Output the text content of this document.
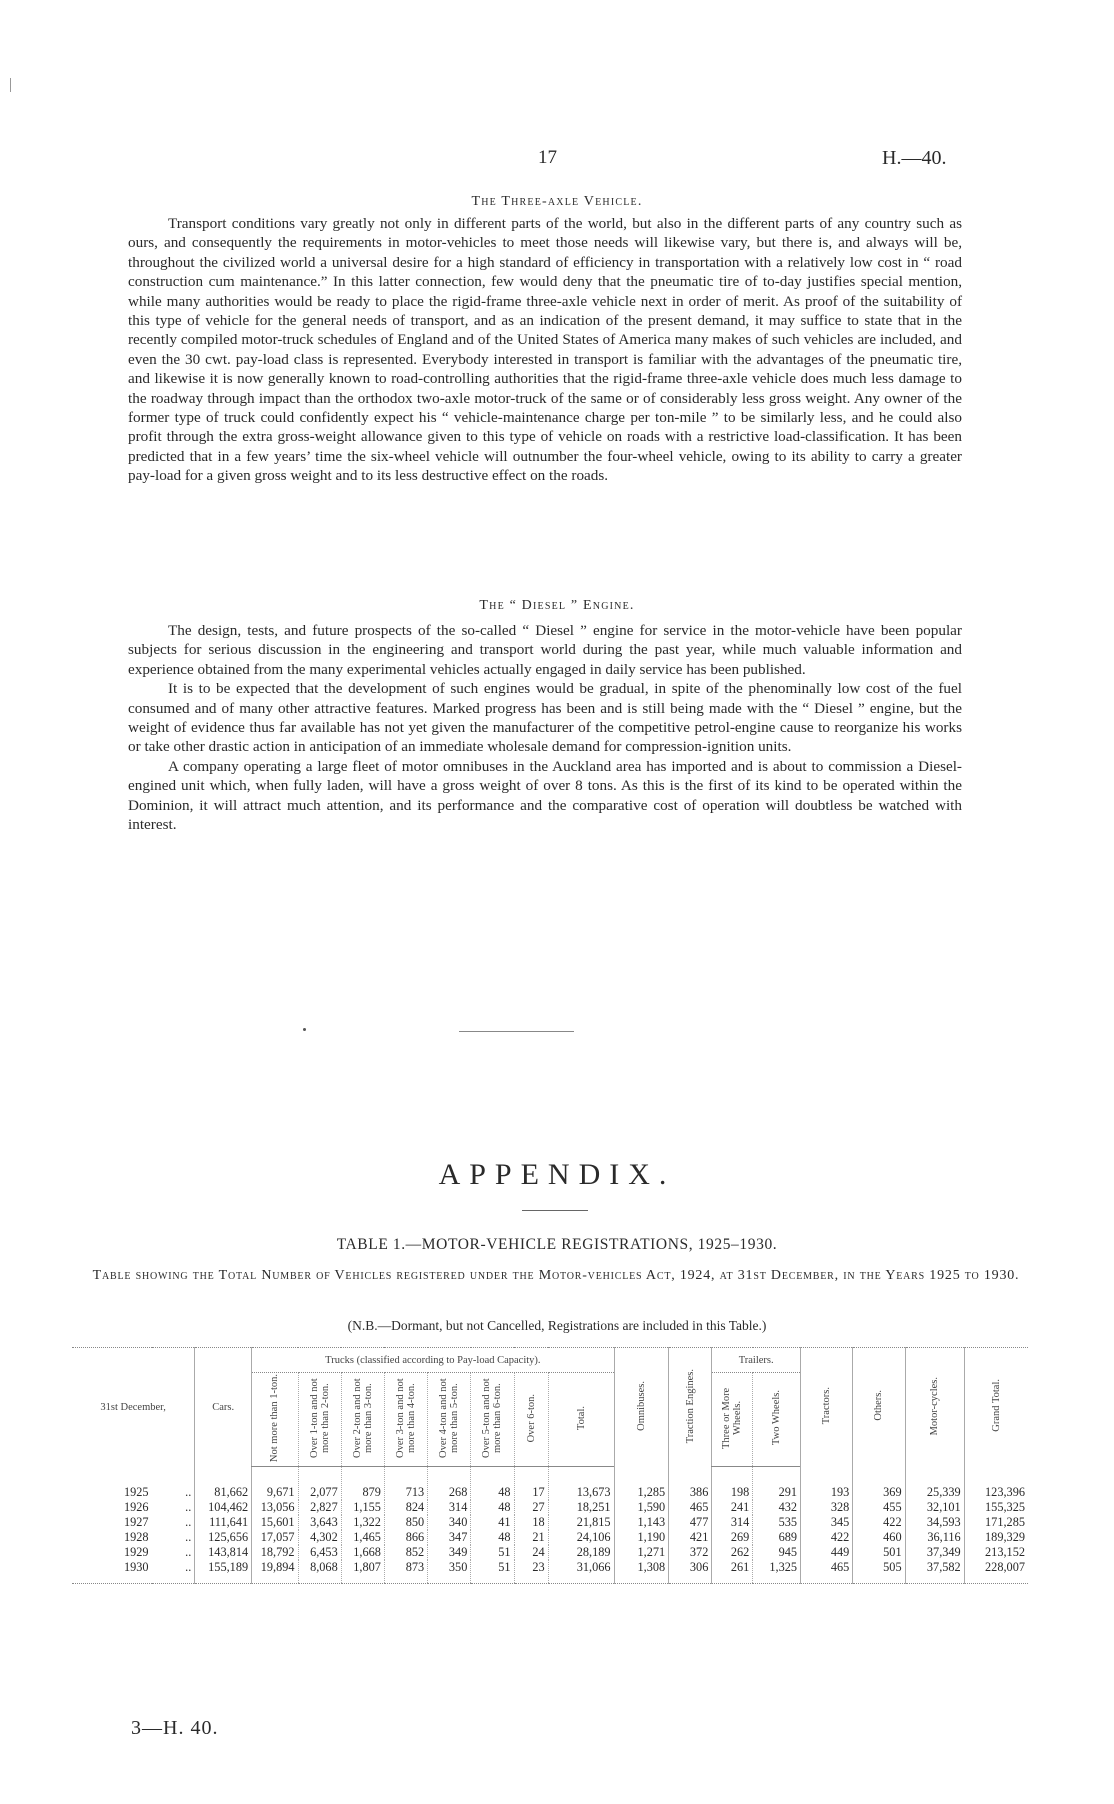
17	H.—40.
The Three-axle Vehicle.

Transport conditions vary greatly not only in different parts of the world, but also in the different parts of any country such as ours, and consequently the requirements in motor-vehicles to meet those needs will likewise vary, but there is, and always will be, throughout the civilized world a universal desire for a high standard of efficiency in transportation with a relatively low cost in “ road construction cum maintenance.” In this latter connection, few would deny that the pneumatic tire of to-day justifies special mention, while many authorities would be ready to place the rigid-frame three-axle vehicle next in order of merit. As proof of the suitability of this type of vehicle for the general needs of transport, and as an indication of the present demand, it may suffice to state that in the recently compiled motor-truck schedules of England and of the United States of America many makes of such vehicles are included, and even the 30 cwt. pay-load class is represented. Everybody interested in transport is familiar with the advantages of the pneumatic tire, and likewise it is now generally known to road-controlling authorities that the rigid-frame three-axle vehicle does much less damage to the roadway through impact than the orthodox two-axle motor-truck of the same or of considerably less gross weight. Any owner of the former type of truck could confidently expect his “ vehicle-maintenance charge per ton-mile ” to be similarly less, and he could also profit through the extra gross-weight allowance given to this type of vehicle on roads with a restrictive load-classification. It has been predicted that in a few years’ time the six-wheel vehicle will outnumber the four-wheel vehicle, owing to its ability to carry a greater pay-load for a given gross weight and to its less destructive effect on the roads.

The “ Diesel ” Engine.

The design, tests, and future prospects of the so-called “ Diesel ” engine for service in the motor-vehicle have been popular subjects for serious discussion in the engineering and transport world during the past year, while much valuable information and experience obtained from the many experimental vehicles actually engaged in daily service has been published.

It is to be expected that the development of such engines would be gradual, in spite of the phenominally low cost of the fuel consumed and of many other attractive features. Marked progress has been and is still being made with the “ Diesel ” engine, but the weight of evidence thus far available has not yet given the manufacturer of the competitive petrol-engine cause to reorganize his works or take other drastic action in anticipation of an immediate wholesale demand for compression-ignition units.

A company operating a large fleet of motor omnibuses in the Auckland area has imported and is about to commission a Diesel-engined unit which, when fully laden, will have a gross weight of over 8 tons. As this is the first of its kind to be operated within the Dominion, it will attract much attention, and its performance and the comparative cost of operation will doubtless be watched with interest.

APPENDIX.
TABLE 1.—MOTOR-VEHICLE REGISTRATIONS, 1925–1930.
Table showing the Total Number of Vehicles registered under the Motor-vehicles Act, 1924, at 31st December, in the Years 1925 to 1930.
(N.B.—Dormant, but not Cancelled, Registrations are included in this Table.)
31st December,		Cars.	Trucks (classified according to Pay-load Capacity).								Omnibuses.	Traction Engines.	Trailers.		Tractors.	Others.	Motor-cycles.	Grand Total.
			Not more than 1-ton.	Over 1-ton and not more than 2-ton.	Over 2-ton and not more than 3-ton.	Over 3-ton and not more than 4-ton.	Over 4-ton and not more than 5-ton.	Over 5-ton and not more than 6-ton.	Over 6-ton.	Total.			Three or More Wheels.	Two Wheels.				
1925	..	81,662	9,671	2,077	879	713	268	48	17	13,673	1,285	386	198	291	193	369	25,339	123,396
1926	..	104,462	13,056	2,827	1,155	824	314	48	27	18,251	1,590	465	241	432	328	455	32,101	155,325
1927	..	111,641	15,601	3,643	1,322	850	340	41	18	21,815	1,143	477	314	535	345	422	34,593	171,285
1928	..	125,656	17,057	4,302	1,465	866	347	48	21	24,106	1,190	421	269	689	422	460	36,116	189,329
1929	..	143,814	18,792	6,453	1,668	852	349	51	24	28,189	1,271	372	262	945	449	501	37,349	213,152
1930	..	155,189	19,894	8,068	1,807	873	350	51	23	31,066	1,308	306	261	1,325	465	505	37,582	228,007
3—H. 40.
